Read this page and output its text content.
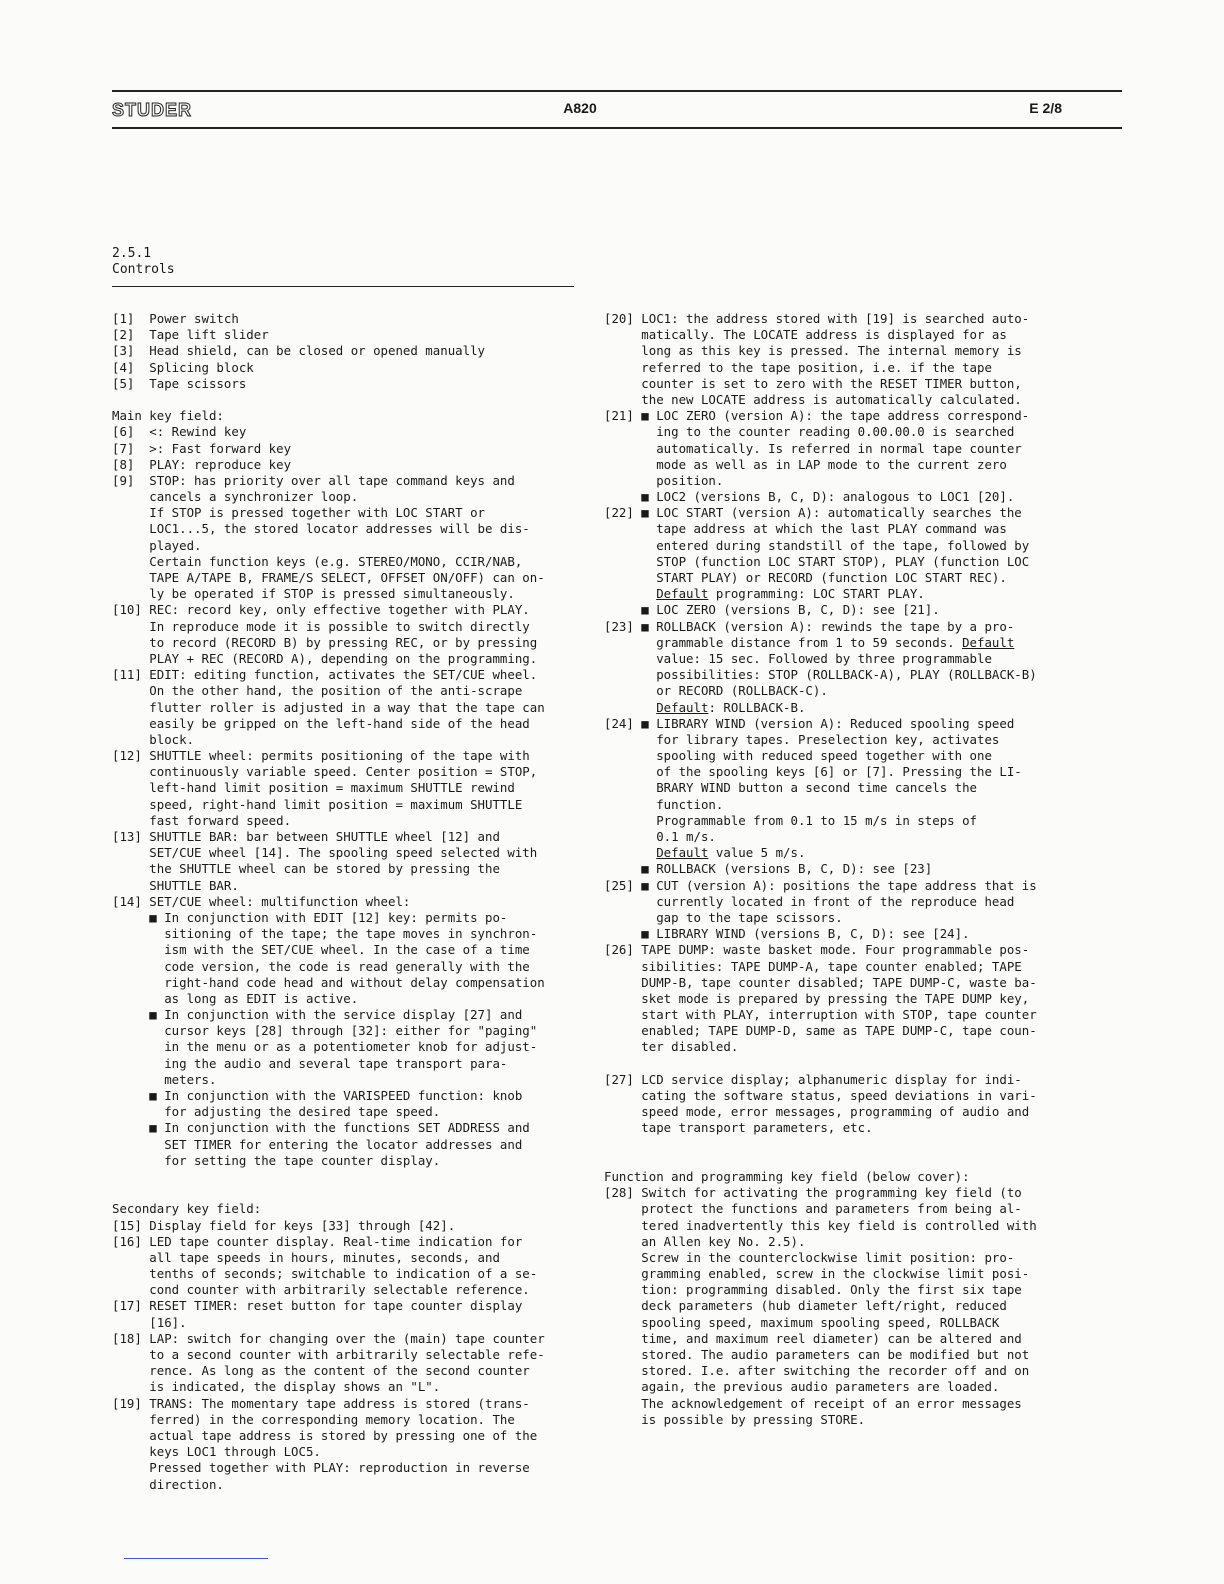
STUDER	A820	E 2/8
2.5.1
Controls
[1]  Power switch
[2]  Tape lift slider
[3]  Head shield, can be closed or opened manually
[4]  Splicing block
[5]  Tape scissors
Main key field:
[6]  <: Rewind key
[7]  >: Fast forward key
[8]  PLAY: reproduce key
[9]  STOP: has priority over all tape command keys and
cancels a synchronizer loop.
If STOP is pressed together with LOC START or
LOC1...5, the stored locator addresses will be dis-
played.
Certain function keys (e.g. STEREO/MONO, CCIR/NAB,
TAPE A/TAPE B, FRAME/S SELECT, OFFSET ON/OFF) can on-
ly be operated if STOP is pressed simultaneously.
[10] REC: record key, only effective together with PLAY.
In reproduce mode it is possible to switch directly
to record (RECORD B) by pressing REC, or by pressing
PLAY + REC (RECORD A), depending on the programming.
[11] EDIT: editing function, activates the SET/CUE wheel.
On the other hand, the position of the anti-scrape
flutter roller is adjusted in a way that the tape can
easily be gripped on the left-hand side of the head
block.
[12] SHUTTLE wheel: permits positioning of the tape with
continuously variable speed. Center position = STOP,
left-hand limit position = maximum SHUTTLE rewind
speed, right-hand limit position = maximum SHUTTLE
fast forward speed.
[13] SHUTTLE BAR: bar between SHUTTLE wheel [12] and
SET/CUE wheel [14]. The spooling speed selected with
the SHUTTLE wheel can be stored by pressing the
SHUTTLE BAR.
[14] SET/CUE wheel: multifunction wheel:
■ In conjunction with EDIT [12] key: permits po-
sitioning of the tape; the tape moves in synchron-
ism with the SET/CUE wheel. In the case of a time
code version, the code is read generally with the
right-hand code head and without delay compensation
as long as EDIT is active.
■ In conjunction with the service display [27] and
cursor keys [28] through [32]: either for "paging"
in the menu or as a potentiometer knob for adjust-
ing the audio and several tape transport para-
meters.
■ In conjunction with the VARISPEED function: knob
for adjusting the desired tape speed.
■ In conjunction with the functions SET ADDRESS and
SET TIMER for entering the locator addresses and
for setting the tape counter display.
Secondary key field:
[15] Display field for keys [33] through [42].
[16] LED tape counter display. Real-time indication for
all tape speeds in hours, minutes, seconds, and
tenths of seconds; switchable to indication of a se-
cond counter with arbitrarily selectable reference.
[17] RESET TIMER: reset button for tape counter display
[16].
[18] LAP: switch for changing over the (main) tape counter
to a second counter with arbitrarily selectable refe-
rence. As long as the content of the second counter
is indicated, the display shows an "L".
[19] TRANS: The momentary tape address is stored (trans-
ferred) in the corresponding memory location. The
actual tape address is stored by pressing one of the
keys LOC1 through LOC5.
Pressed together with PLAY: reproduction in reverse
direction.
[20] LOC1: the address stored with [19] is searched auto-
matically. The LOCATE address is displayed for as
long as this key is pressed. The internal memory is
referred to the tape position, i.e. if the tape
counter is set to zero with the RESET TIMER button,
the new LOCATE address is automatically calculated.
[21] ■ LOC ZERO (version A): the tape address correspond-
ing to the counter reading 0.00.00.0 is searched
automatically. Is referred in normal tape counter
mode as well as in LAP mode to the current zero
position.
■ LOC2 (versions B, C, D): analogous to LOC1 [20].
[22] ■ LOC START (version A): automatically searches the
tape address at which the last PLAY command was
entered during standstill of the tape, followed by
STOP (function LOC START STOP), PLAY (function LOC
START PLAY) or RECORD (function LOC START REC).
Default programming: LOC START PLAY.
■ LOC ZERO (versions B, C, D): see [21].
[23] ■ ROLLBACK (version A): rewinds the tape by a pro-
grammable distance from 1 to 59 seconds. Default
value: 15 sec. Followed by three programmable
possibilities: STOP (ROLLBACK-A), PLAY (ROLLBACK-B)
or RECORD (ROLLBACK-C).
Default: ROLLBACK-B.
[24] ■ LIBRARY WIND (version A): Reduced spooling speed
for library tapes. Preselection key, activates
spooling with reduced speed together with one
of the spooling keys [6] or [7]. Pressing the LI-
BRARY WIND button a second time cancels the
function.
Programmable from 0.1 to 15 m/s in steps of
0.1 m/s.
Default value 5 m/s.
■ ROLLBACK (versions B, C, D): see [23]
[25] ■ CUT (version A): positions the tape address that is
currently located in front of the reproduce head
gap to the tape scissors.
■ LIBRARY WIND (versions B, C, D): see [24].
[26] TAPE DUMP: waste basket mode. Four programmable pos-
sibilities: TAPE DUMP-A, tape counter enabled; TAPE
DUMP-B, tape counter disabled; TAPE DUMP-C, waste ba-
sket mode is prepared by pressing the TAPE DUMP key,
start with PLAY, interruption with STOP, tape counter
enabled; TAPE DUMP-D, same as TAPE DUMP-C, tape coun-
ter disabled.
[27] LCD service display; alphanumeric display for indi-
cating the software status, speed deviations in vari-
speed mode, error messages, programming of audio and
tape transport parameters, etc.
Function and programming key field (below cover):
[28] Switch for activating the programming key field (to
protect the functions and parameters from being al-
tered inadvertently this key field is controlled with
an Allen key No. 2.5).
Screw in the counterclockwise limit position: pro-
gramming enabled, screw in the clockwise limit posi-
tion: programming disabled. Only the first six tape
deck parameters (hub diameter left/right, reduced
spooling speed, maximum spooling speed, ROLLBACK
time, and maximum reel diameter) can be altered and
stored. The audio parameters can be modified but not
stored. I.e. after switching the recorder off and on
again, the previous audio parameters are loaded.
The acknowledgement of receipt of an error messages
is possible by pressing STORE.
